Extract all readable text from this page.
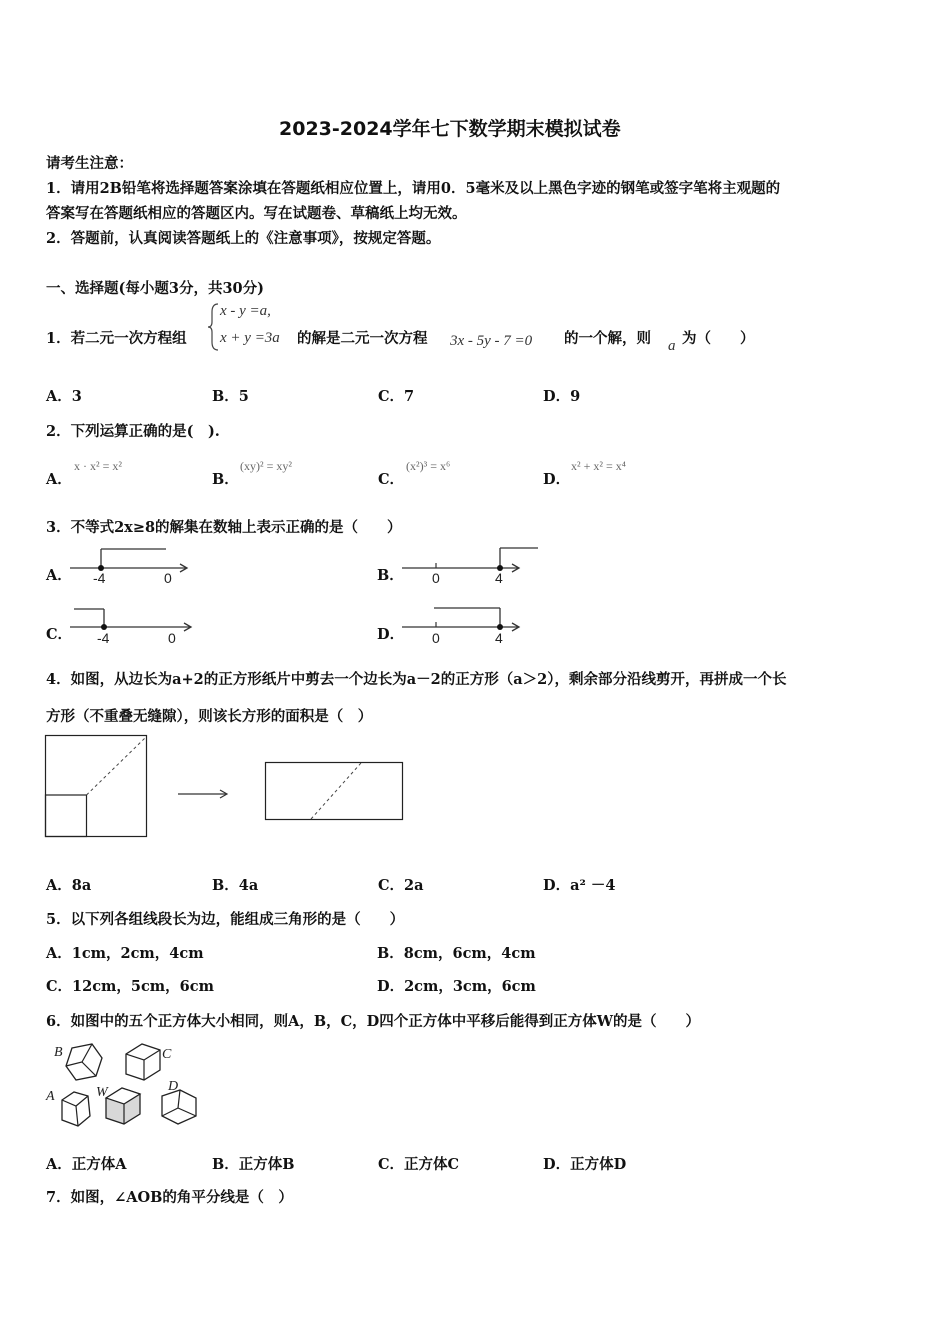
2023-2024学年七下数学期末模拟试卷
请考生注意：
1．请用2B铅笔将选择题答案涂填在答题纸相应位置上，请用0．5毫米及以上黑色字迹的钢笔或签字笔将主观题的
答案写在答题纸相应的答题区内。写在试题卷、草稿纸上均无效。
2．答题前，认真阅读答题纸上的《注意事项》，按规定答题。
一、选择题(每小题3分，共30分)
1．若二元一次方程组
x - y =a,
x + y =3a 的解是二元一次方程 3x - 5y - 7 =0 的一个解，则 a 为（　　）
A．3	B．5	C．7	D．9
2．下列运算正确的是(　).
A．
x · x² = x²
B．
(xy)² = xy²
C．
(x²)³ = x⁶
D．
x² + x² = x⁴
3．不等式2x≥8的解集在数轴上表示正确的是（　　）
A． -4	0	B． 0	4
C． -4	0	D． 0	4
4．如图，从边长为a+2的正方形纸片中剪去一个边长为a－2的正方形（a＞2），剩余部分沿线剪开，再拼成一个长
方形（不重叠无缝隙），则该长方形的面积是（　）
A．8a	B．4a	C．2a	D．a² －4
5．以下列各组线段长为边，能组成三角形的是（　　）
A．1cm，2cm，4cm	B．8cm，6cm，4cm
C．12cm，5cm，6cm	D．2cm，3cm，6cm
6．如图中的五个正方体大小相同，则A，B，C，D四个正方体中平移后能得到正方体W的是（　　）
B	C
A	W	D
A．正方体A	B．正方体B	C．正方体C	D．正方体D
7．如图，∠AOB的角平分线是（　）
